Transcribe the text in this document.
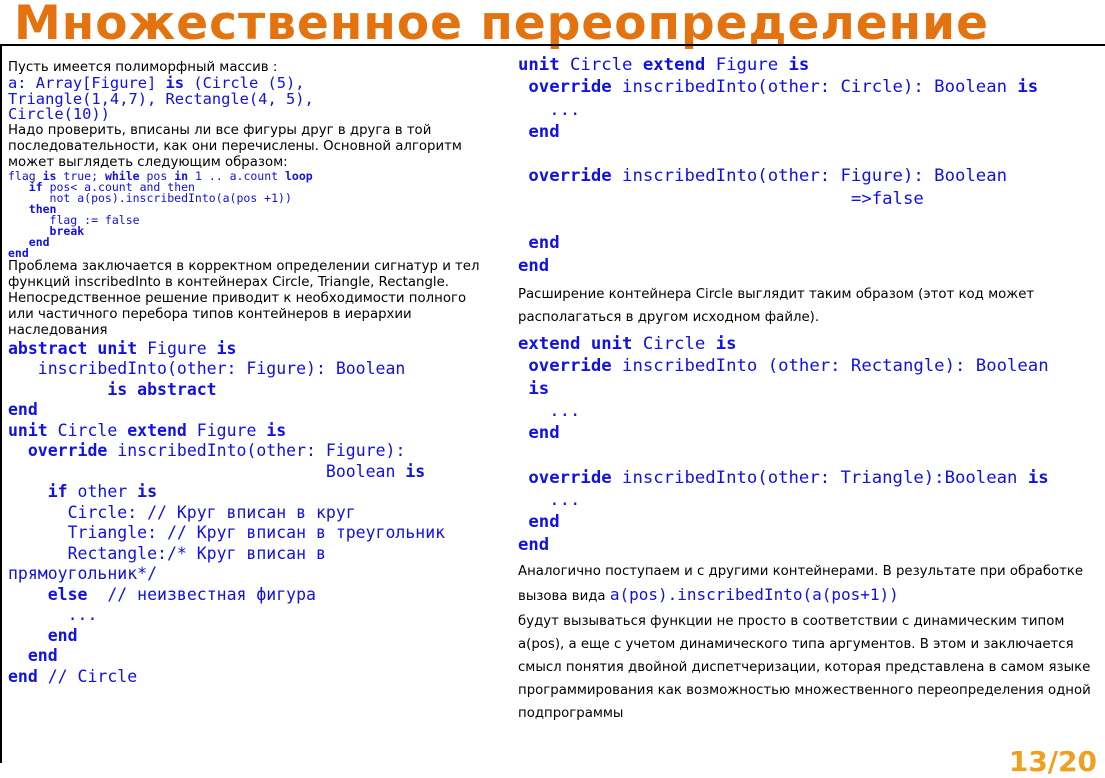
Множественное переопределение

Пусть имеется полиморфный массив :

a: Array[Figure] is (Circle (5),
Triangle(1,4,7), Rectangle(4, 5),
Circle(10))

Надо проверить, вписаны ли все фигуры друг в друга в той последовательности, как они перечислены. Основной алгоритм может выглядеть следующим образом:

flag is true; while pos in 1 .. a.count loop
if pos< a.count and then
not a(pos).inscribedInto(a(pos +1))
then
flag := false
break
end
end

Проблема заключается в корректном определении сигнатур и тел функций inscribedInto в контейнерах Circle, Triangle, Rectangle. Непосредственное решение приводит к необходимости полного или частичного перебора типов контейнеров в иерархии наследования

abstract unit Figure is
inscribedInto(other: Figure): Boolean
is abstract
end
unit Circle extend Figure is
override inscribedInto(other: Figure):
Boolean is
if other is
Circle: // Круг вписан в круг
Triangle: // Круг вписан в треугольник
Rectangle:/* Круг вписан в
прямоугольник*/
else  // неизвестная фигура
...
end
end
end // Circle
unit Circle extend Figure is
override inscribedInto(other: Circle): Boolean is
...
end

override inscribedInto(other: Figure): Boolean
=>false

end
end

Расширение контейнера Circle выглядит таким образом (этот код может располагаться в другом исходном файле).

extend unit Circle is
override inscribedInto (other: Rectangle): Boolean
is
...
end

override inscribedInto(other: Triangle):Boolean is
...
end
end

Аналогично поступаем и с другими контейнерами. В результате при обработке вызова вида a(pos).inscribedInto(a(pos+1))

будут вызываться функции не просто в соответствии с динамическим типом a(pos), а еще с учетом динамического типа аргументов. В этом и заключается смысл понятия двойной диспетчеризации, которая представлена в самом языке программирования как возможностью множественного переопределения одной подпрограммы

13/20
